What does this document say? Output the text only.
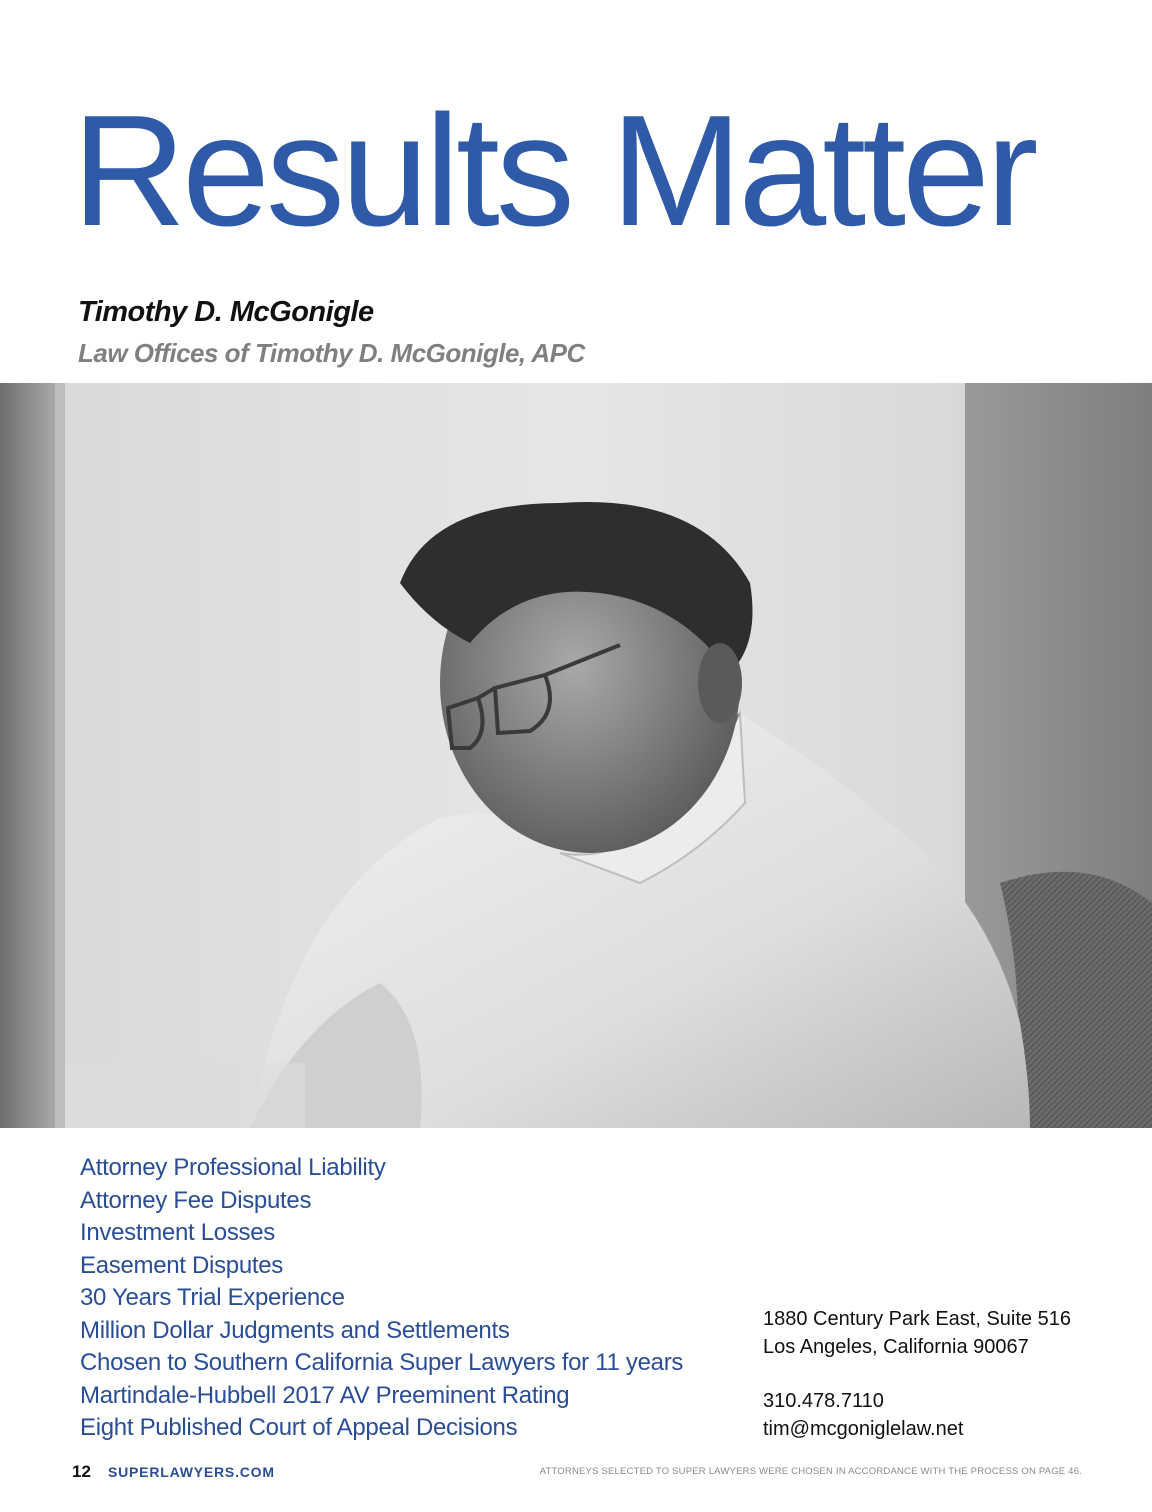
Results Matter
Timothy D. McGonigle
Law Offices of Timothy D. McGonigle, APC
Attorney Professional Liability
Attorney Fee Disputes
Investment Losses
Easement Disputes
30 Years Trial Experience
Million Dollar Judgments and Settlements
Chosen to Southern California Super Lawyers for 11 years
Martindale-Hubbell 2017 AV Preeminent Rating
Eight Published Court of Appeal Decisions
1880 Century Park East, Suite 516
Los Angeles, California 90067
310.478.7110
tim@mcgoniglelaw.net
12 SUPERLAWYERS.COM	ATTORNEYS SELECTED TO SUPER LAWYERS WERE CHOSEN IN ACCORDANCE WITH THE PROCESS ON PAGE 46.
